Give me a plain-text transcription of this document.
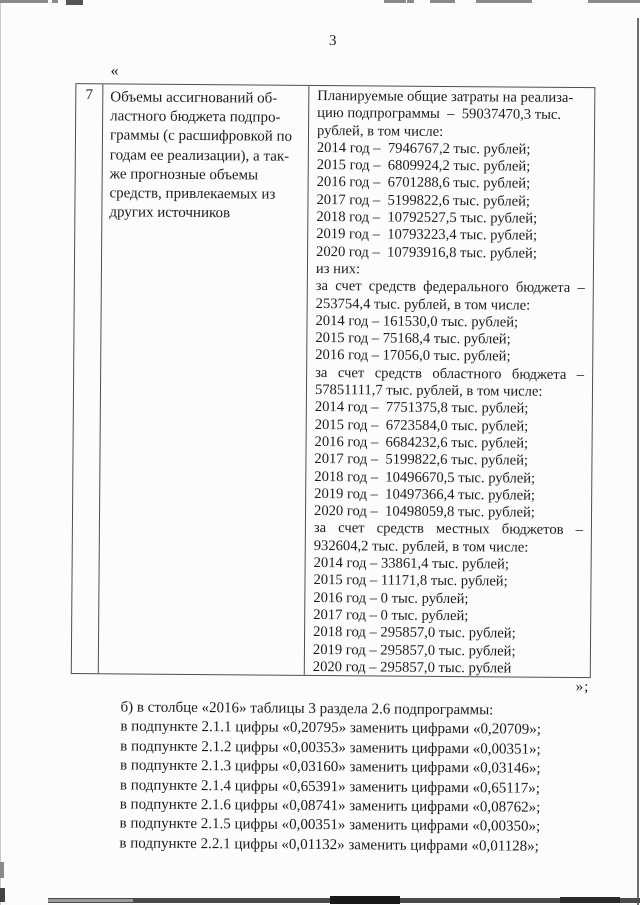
3
«
7	Объемы ассигнований об-
ластного бюджета подпро-
граммы (с расшифровкой по
годам ее реализации), а так-
же прогнозные объемы
средств, привлекаемых из
других источников
Планируемые общие затраты на реализа-
цию подпрограммы  –  59037470,3 тыс.
рублей, в том числе:
2014 год –  7946767,2 тыс. рублей;
2015 год –  6809924,2 тыс. рублей;
2016 год –  6701288,6 тыс. рублей;
2017 год –  5199822,6 тыс. рублей;
2018 год –  10792527,5 тыс. рублей;
2019 год –  10793223,4 тыс. рублей;
2020 год –  10793916,8 тыс. рублей;
из них:
за счет средств федерального бюджета –
253754,4 тыс. рублей, в том числе:
2014 год – 161530,0 тыс. рублей;
2015 год – 75168,4 тыс. рублей;
2016 год – 17056,0 тыс. рублей;
за счет средств областного бюджета –
57851111,7 тыс. рублей, в том числе:
2014 год –  7751375,8 тыс. рублей;
2015 год –  6723584,0 тыс. рублей;
2016 год –  6684232,6 тыс. рублей;
2017 год –  5199822,6 тыс. рублей;
2018 год –  10496670,5 тыс. рублей;
2019 год –  10497366,4 тыс. рублей;
2020 год –  10498059,8 тыс. рублей;
за счет средств местных бюджетов –
932604,2 тыс. рублей, в том числе:
2014 год – 33861,4 тыс. рублей;
2015 год – 11171,8 тыс. рублей;
2016 год – 0 тыс. рублей;
2017 год – 0 тыс. рублей;
2018 год – 295857,0 тыс. рублей;
2019 год – 295857,0 тыс. рублей;
2020 год – 295857,0 тыс. рублей
»;
б) в столбце «2016» таблицы 3 раздела 2.6 подпрограммы:
в подпункте 2.1.1 цифры «0,20795» заменить цифрами «0,20709»;
в подпункте 2.1.2 цифры «0,00353» заменить цифрами «0,00351»;
в подпункте 2.1.3 цифры «0,03160» заменить цифрами «0,03146»;
в подпункте 2.1.4 цифры «0,65391» заменить цифрами «0,65117»;
в подпункте 2.1.6 цифры «0,08741» заменить цифрами «0,08762»;
в подпункте 2.1.5 цифры «0,00351» заменить цифрами «0,00350»;
в подпункте 2.2.1 цифры «0,01132» заменить цифрами «0,01128»;
